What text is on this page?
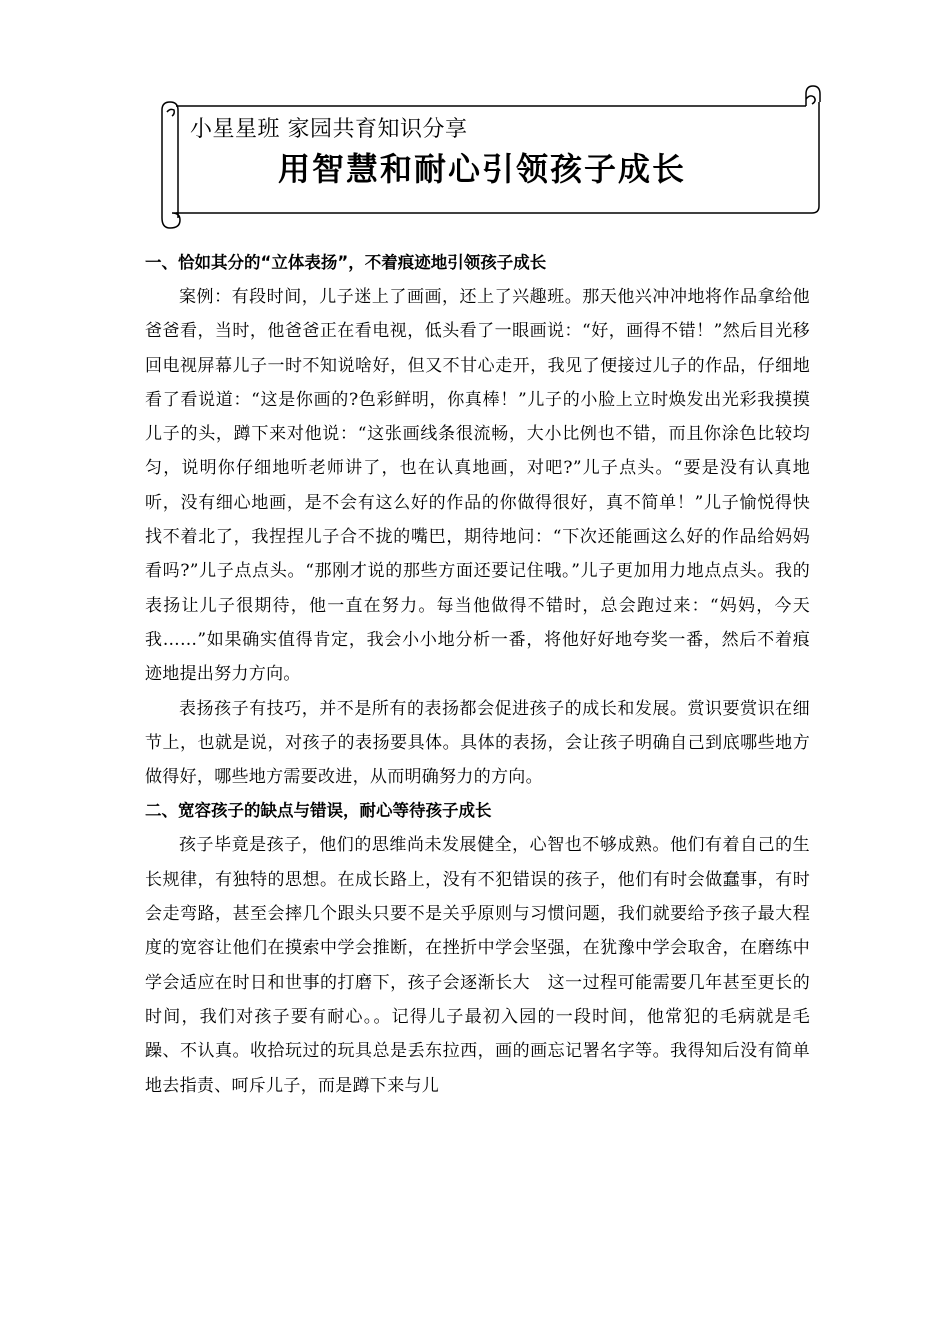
小星星班 家园共育知识分享
用智慧和耐心引领孩子成长
一、恰如其分的“立体表扬”，不着痕迹地引领孩子成长

案例：有段时间，儿子迷上了画画，还上了兴趣班。那天他兴冲冲地将作品拿给他爸爸看，当时，他爸爸正在看电视，低头看了一眼画说：“好，画得不错！”然后目光移回电视屏幕儿子一时不知说啥好，但又不甘心走开，我见了便接过儿子的作品，仔细地看了看说道：“这是你画的?色彩鲜明，你真棒！”儿子的小脸上立时焕发出光彩我摸摸儿子的头，蹲下来对他说：“这张画线条很流畅，大小比例也不错，而且你涂色比较均匀，说明你仔细地听老师讲了，也在认真地画，对吧?”儿子点头。“要是没有认真地听，没有细心地画，是不会有这么好的作品的你做得很好，真不简单！”儿子愉悦得快找不着北了，我捏捏儿子合不拢的嘴巴，期待地问：“下次还能画这么好的作品给妈妈看吗?”儿子点点头。“那刚才说的那些方面还要记住哦。”儿子更加用力地点点头。我的表扬让儿子很期待，他一直在努力。每当他做得不错时，总会跑过来：“妈妈，今天我……”如果确实值得肯定，我会小小地分析一番，将他好好地夸奖一番，然后不着痕迹地提出努力方向。

表扬孩子有技巧，并不是所有的表扬都会促进孩子的成长和发展。赏识要赏识在细节上，也就是说，对孩子的表扬要具体。具体的表扬，会让孩子明确自己到底哪些地方做得好，哪些地方需要改进，从而明确努力的方向。

二、宽容孩子的缺点与错误，耐心等待孩子成长

孩子毕竟是孩子，他们的思维尚未发展健全，心智也不够成熟。他们有着自己的生长规律，有独特的思想。在成长路上，没有不犯错误的孩子，他们有时会做蠢事，有时会走弯路，甚至会摔几个跟头只要不是关乎原则与习惯问题，我们就要给予孩子最大程度的宽容让他们在摸索中学会推断，在挫折中学会坚强，在犹豫中学会取舍，在磨练中学会适应在时日和世事的打磨下，孩子会逐渐长大　这一过程可能需要几年甚至更长的时间，我们对孩子要有耐心。。记得儿子最初入园的一段时间，他常犯的毛病就是毛躁、不认真。收拾玩过的玩具总是丢东拉西，画的画忘记署名字等。我得知后没有简单地去指责、呵斥儿子，而是蹲下来与儿
